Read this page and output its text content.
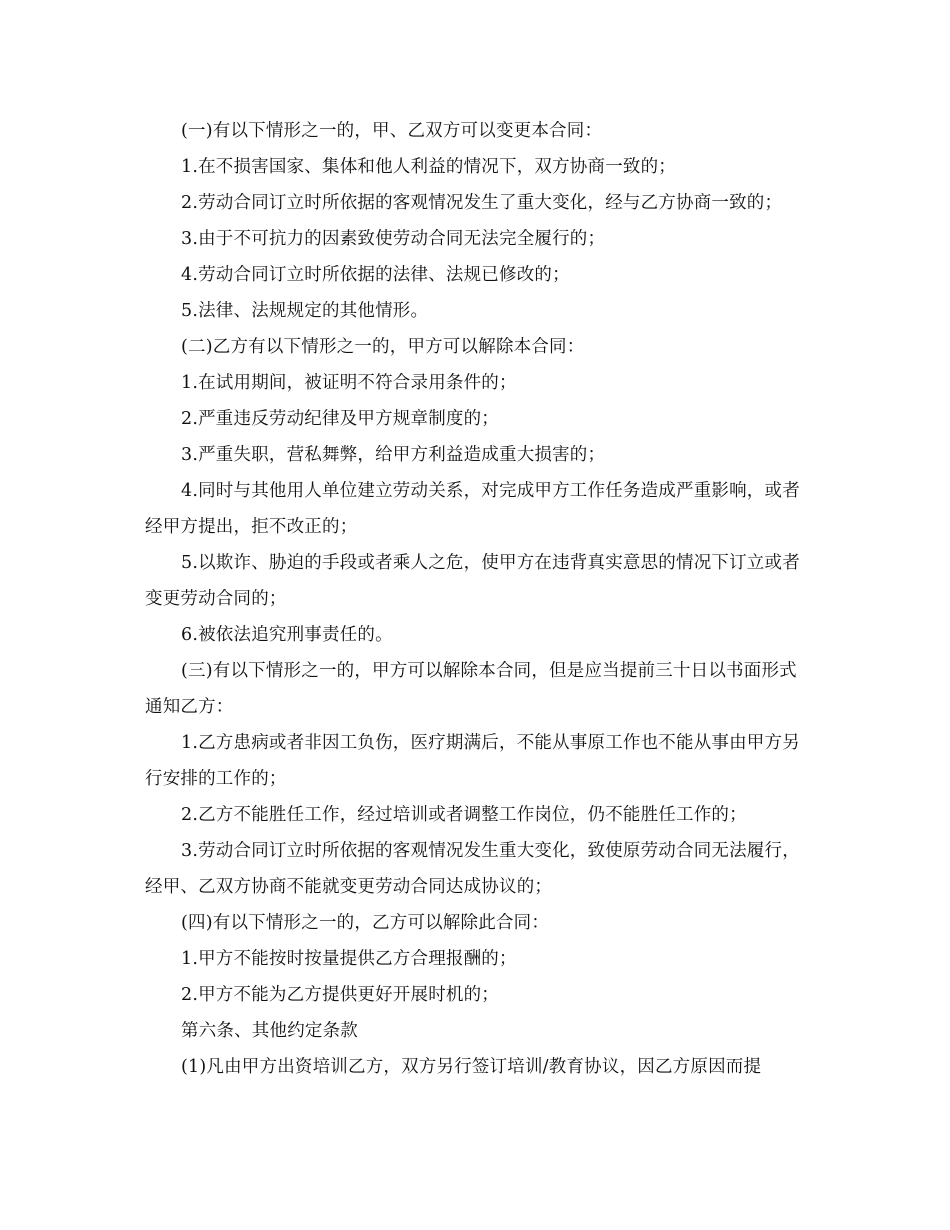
(一)有以下情形之一的，甲、乙双方可以变更本合同：

1.在不损害国家、集体和他人利益的情况下，双方协商一致的；

2.劳动合同订立时所依据的客观情况发生了重大变化，经与乙方协商一致的；

3.由于不可抗力的因素致使劳动合同无法完全履行的；

4.劳动合同订立时所依据的法律、法规已修改的；

5.法律、法规规定的其他情形。

(二)乙方有以下情形之一的，甲方可以解除本合同：

1.在试用期间，被证明不符合录用条件的；

2.严重违反劳动纪律及甲方规章制度的；

3.严重失职，营私舞弊，给甲方利益造成重大损害的；

4.同时与其他用人单位建立劳动关系，对完成甲方工作任务造成严重影响，或者经甲方提出，拒不改正的；

5.以欺诈、胁迫的手段或者乘人之危，使甲方在违背真实意思的情况下订立或者变更劳动合同的；

6.被依法追究刑事责任的。

(三)有以下情形之一的，甲方可以解除本合同，但是应当提前三十日以书面形式通知乙方：

1.乙方患病或者非因工负伤，医疗期满后，不能从事原工作也不能从事由甲方另行安排的工作的；

2.乙方不能胜任工作，经过培训或者调整工作岗位，仍不能胜任工作的；

3.劳动合同订立时所依据的客观情况发生重大变化，致使原劳动合同无法履行，经甲、乙双方协商不能就变更劳动合同达成协议的；

(四)有以下情形之一的，乙方可以解除此合同：

1.甲方不能按时按量提供乙方合理报酬的；

2.甲方不能为乙方提供更好开展时机的；

第六条、其他约定条款

(1)凡由甲方出资培训乙方，双方另行签订培训/教育协议，因乙方原因而提
